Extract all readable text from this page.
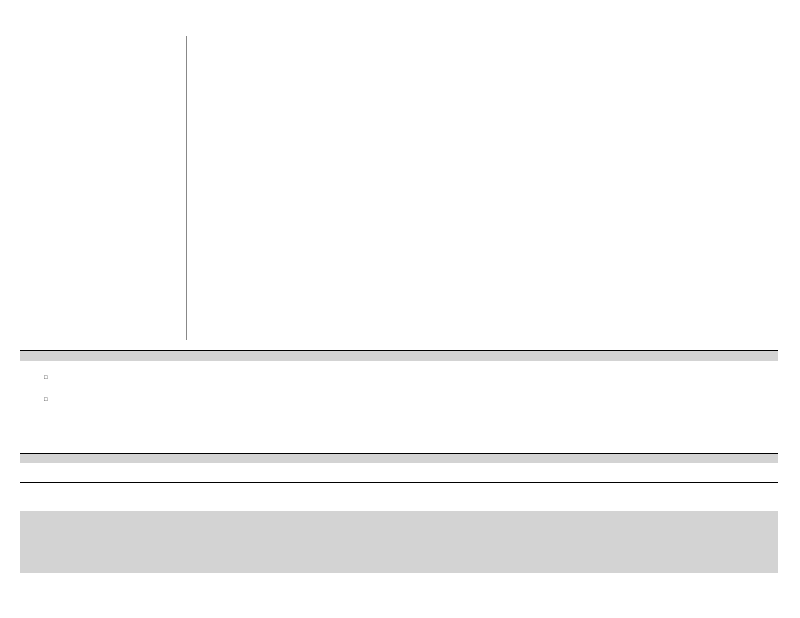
□
□
